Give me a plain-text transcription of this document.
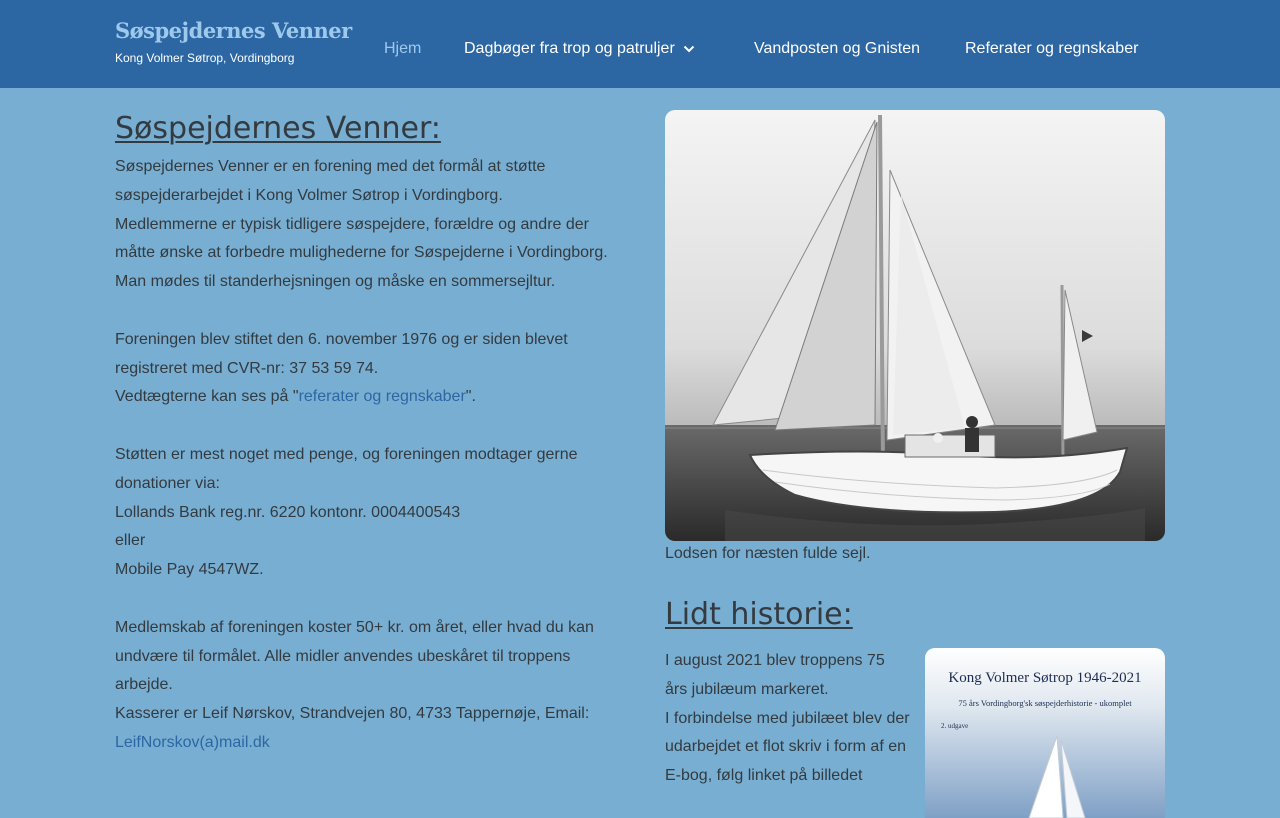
Søspejdernes Venner
Kong Volmer Søtrop, Vordingborg
Hjem	Dagbøger fra trop og patruljer	Vandposten og Gnisten	Referater og regnskaber
Søspejdernes Venner:

Søspejdernes Venner er en forening med det formål at støtte søspejderarbejdet i Kong Volmer Søtrop i Vordingborg.

Medlemmerne er typisk tidligere søspejdere, forældre og andre der måtte ønske at forbedre mulighederne for Søspejderne i Vordingborg.

Man mødes til standerhejsningen og måske en sommersejltur.

Foreningen blev stiftet den 6. november 1976 og er siden blevet registreret med CVR-nr: 37 53 59 74.

Vedtægterne kan ses på "referater og regnskaber".

Støtten er mest noget med penge, og foreningen modtager gerne donationer via:

Lollands Bank reg.nr. 6220 kontonr. 0004400543

eller

Mobile Pay 4547WZ.

Medlemskab af foreningen koster 50+ kr. om året, eller hvad du kan undvære til formålet. Alle midler anvendes ubeskåret til troppens arbejde.

Kasserer er Leif Nørskov, Strandvejen 80, 4733 Tappernøje, Email:

LeifNorskov(a)mail.dk

Lodsen for næsten fulde sejl.
Lidt historie:

I august 2021 blev troppens 75 års jubilæum markeret.

I forbindelse med jubilæet blev der udarbejdet et flot skriv i form af en E-bog, følg linket på billedet

Kong Volmer Søtrop 1946-2021
75 års Vordingborg'sk søspejderhistorie - ukomplet
2. udgave
